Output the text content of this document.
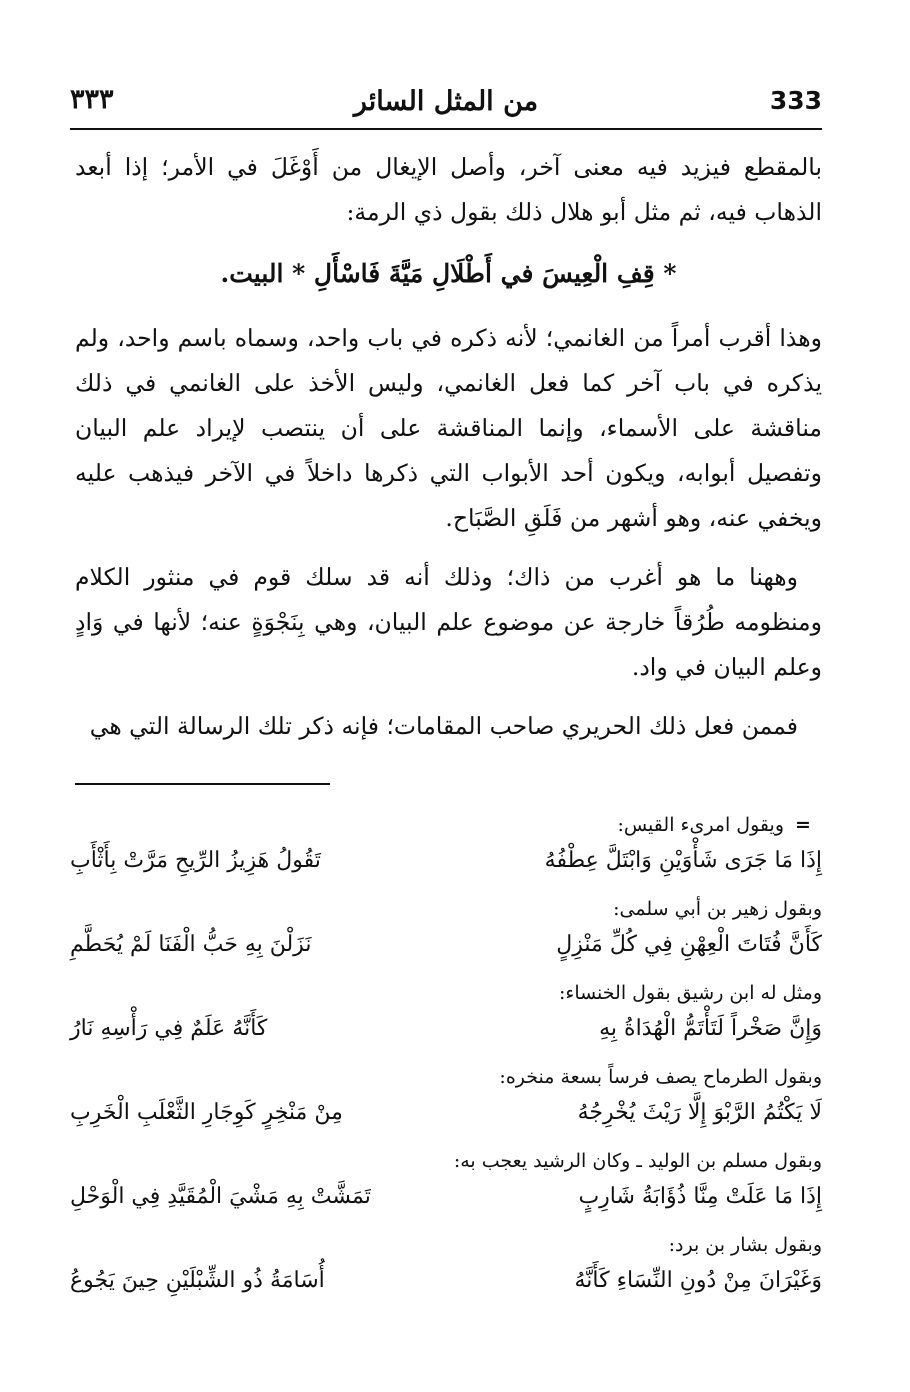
333
من المثل السائر
٣٣٣

بالمقطع فيزيد فيه معنى آخر، وأصل الإيغال من أَوْغَلَ في الأمر؛ إذا أبعد الذهاب فيه، ثم مثل أبو هلال ذلك بقول ذي الرمة:

* قِفِ الْعِيسَ في أَطْلَالِ مَيَّةَ فَاسْأَلِ * البيت.

وهذا أقرب أمراً من الغانمي؛ لأنه ذكره في باب واحد، وسماه باسم واحد، ولم يذكره في باب آخر كما فعل الغانمي، وليس الأخذ على الغانمي في ذلك مناقشة على الأسماء، وإنما المناقشة على أن ينتصب لإيراد علم البيان وتفصيل أبوابه، ويكون أحد الأبواب التي ذكرها داخلاً في الآخر فيذهب عليه ويخفي عنه، وهو أشهر من فَلَقِ الصَّبَاح.

وههنا ما هو أغرب من ذاك؛ وذلك أنه قد سلك قوم في منثور الكلام ومنظومه طُرُقاً خارجة عن موضوع علم البيان، وهي بِنَجْوَةٍ عنه؛ لأنها في وَادٍ وعلم البيان في واد.

فممن فعل ذلك الحريري صاحب المقامات؛ فإنه ذكر تلك الرسالة التي هي

=ويقول امرىء القيس:
إِذَا مَا جَرَى شَأْوَيْنِ وَابْتَلَّ عِطْفُهُ
تَقُولُ هَزِيزُ الرِّيحِ مَرَّتْ بِأَثْأَبِ
وبقول زهير بن أبي سلمى:
كَأَنَّ فُتَاتَ الْعِهْنِ فِي كُلِّ مَنْزِلٍ
نَزَلْنَ بِهِ حَبُّ الْفَنَا لَمْ يُحَطَّمِ
ومثل له ابن رشيق بقول الخنساء:
وَإِنَّ صَخْراً لَتَأْتَمُّ الْهُدَاةُ بِهِ
كَأَنَّهُ عَلَمٌ فِي رَأْسِهِ نَارُ
وبقول الطرماح يصف فرساً بسعة منخره:
لَا يَكْتُمُ الرَّبْوَ إِلَّا رَيْثَ يُخْرِجُهُ
مِنْ مَنْخِرٍ كَوِجَارِ الثَّعْلَبِ الْخَرِبِ
وبقول مسلم بن الوليد ـ وكان الرشيد يعجب به:
إِذَا مَا عَلَتْ مِنَّا ذُؤَابَةُ شَارِبٍ
تَمَشَّتْ بِهِ مَشْيَ الْمُقَيَّدِ فِي الْوَحْلِ
وبقول بشار بن برد:
وَغَيْرَانَ مِنْ دُونِ النِّسَاءِ كَأَنَّهُ
أُسَامَةُ ذُو الشِّبْلَيْنِ حِينَ يَجُوعُ
